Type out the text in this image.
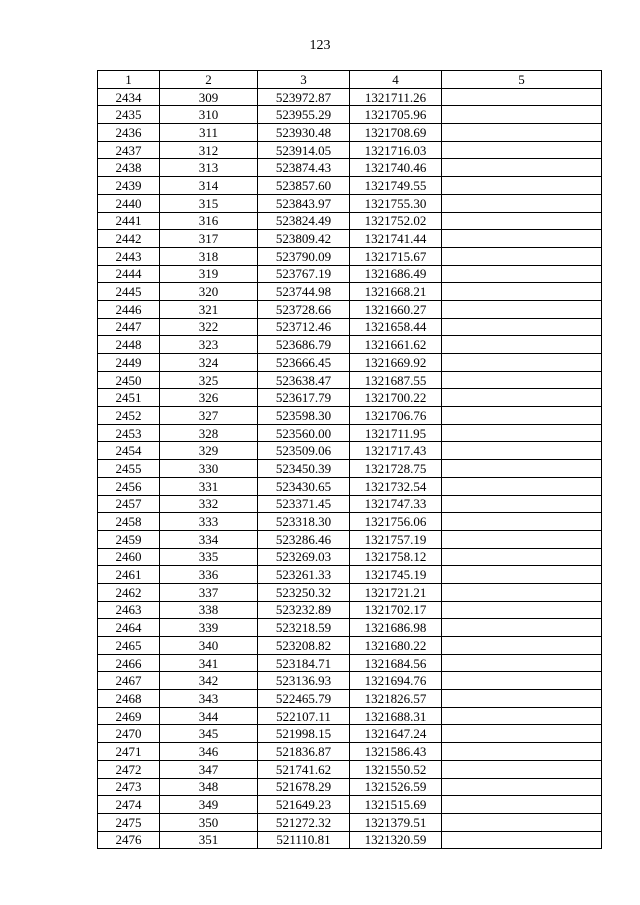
123
1	2	3	4	5
2434	309	523972.87	1321711.26	
2435	310	523955.29	1321705.96	
2436	311	523930.48	1321708.69	
2437	312	523914.05	1321716.03	
2438	313	523874.43	1321740.46	
2439	314	523857.60	1321749.55	
2440	315	523843.97	1321755.30	
2441	316	523824.49	1321752.02	
2442	317	523809.42	1321741.44	
2443	318	523790.09	1321715.67	
2444	319	523767.19	1321686.49	
2445	320	523744.98	1321668.21	
2446	321	523728.66	1321660.27	
2447	322	523712.46	1321658.44	
2448	323	523686.79	1321661.62	
2449	324	523666.45	1321669.92	
2450	325	523638.47	1321687.55	
2451	326	523617.79	1321700.22	
2452	327	523598.30	1321706.76	
2453	328	523560.00	1321711.95	
2454	329	523509.06	1321717.43	
2455	330	523450.39	1321728.75	
2456	331	523430.65	1321732.54	
2457	332	523371.45	1321747.33	
2458	333	523318.30	1321756.06	
2459	334	523286.46	1321757.19	
2460	335	523269.03	1321758.12	
2461	336	523261.33	1321745.19	
2462	337	523250.32	1321721.21	
2463	338	523232.89	1321702.17	
2464	339	523218.59	1321686.98	
2465	340	523208.82	1321680.22	
2466	341	523184.71	1321684.56	
2467	342	523136.93	1321694.76	
2468	343	522465.79	1321826.57	
2469	344	522107.11	1321688.31	
2470	345	521998.15	1321647.24	
2471	346	521836.87	1321586.43	
2472	347	521741.62	1321550.52	
2473	348	521678.29	1321526.59	
2474	349	521649.23	1321515.69	
2475	350	521272.32	1321379.51	
2476	351	521110.81	1321320.59	
